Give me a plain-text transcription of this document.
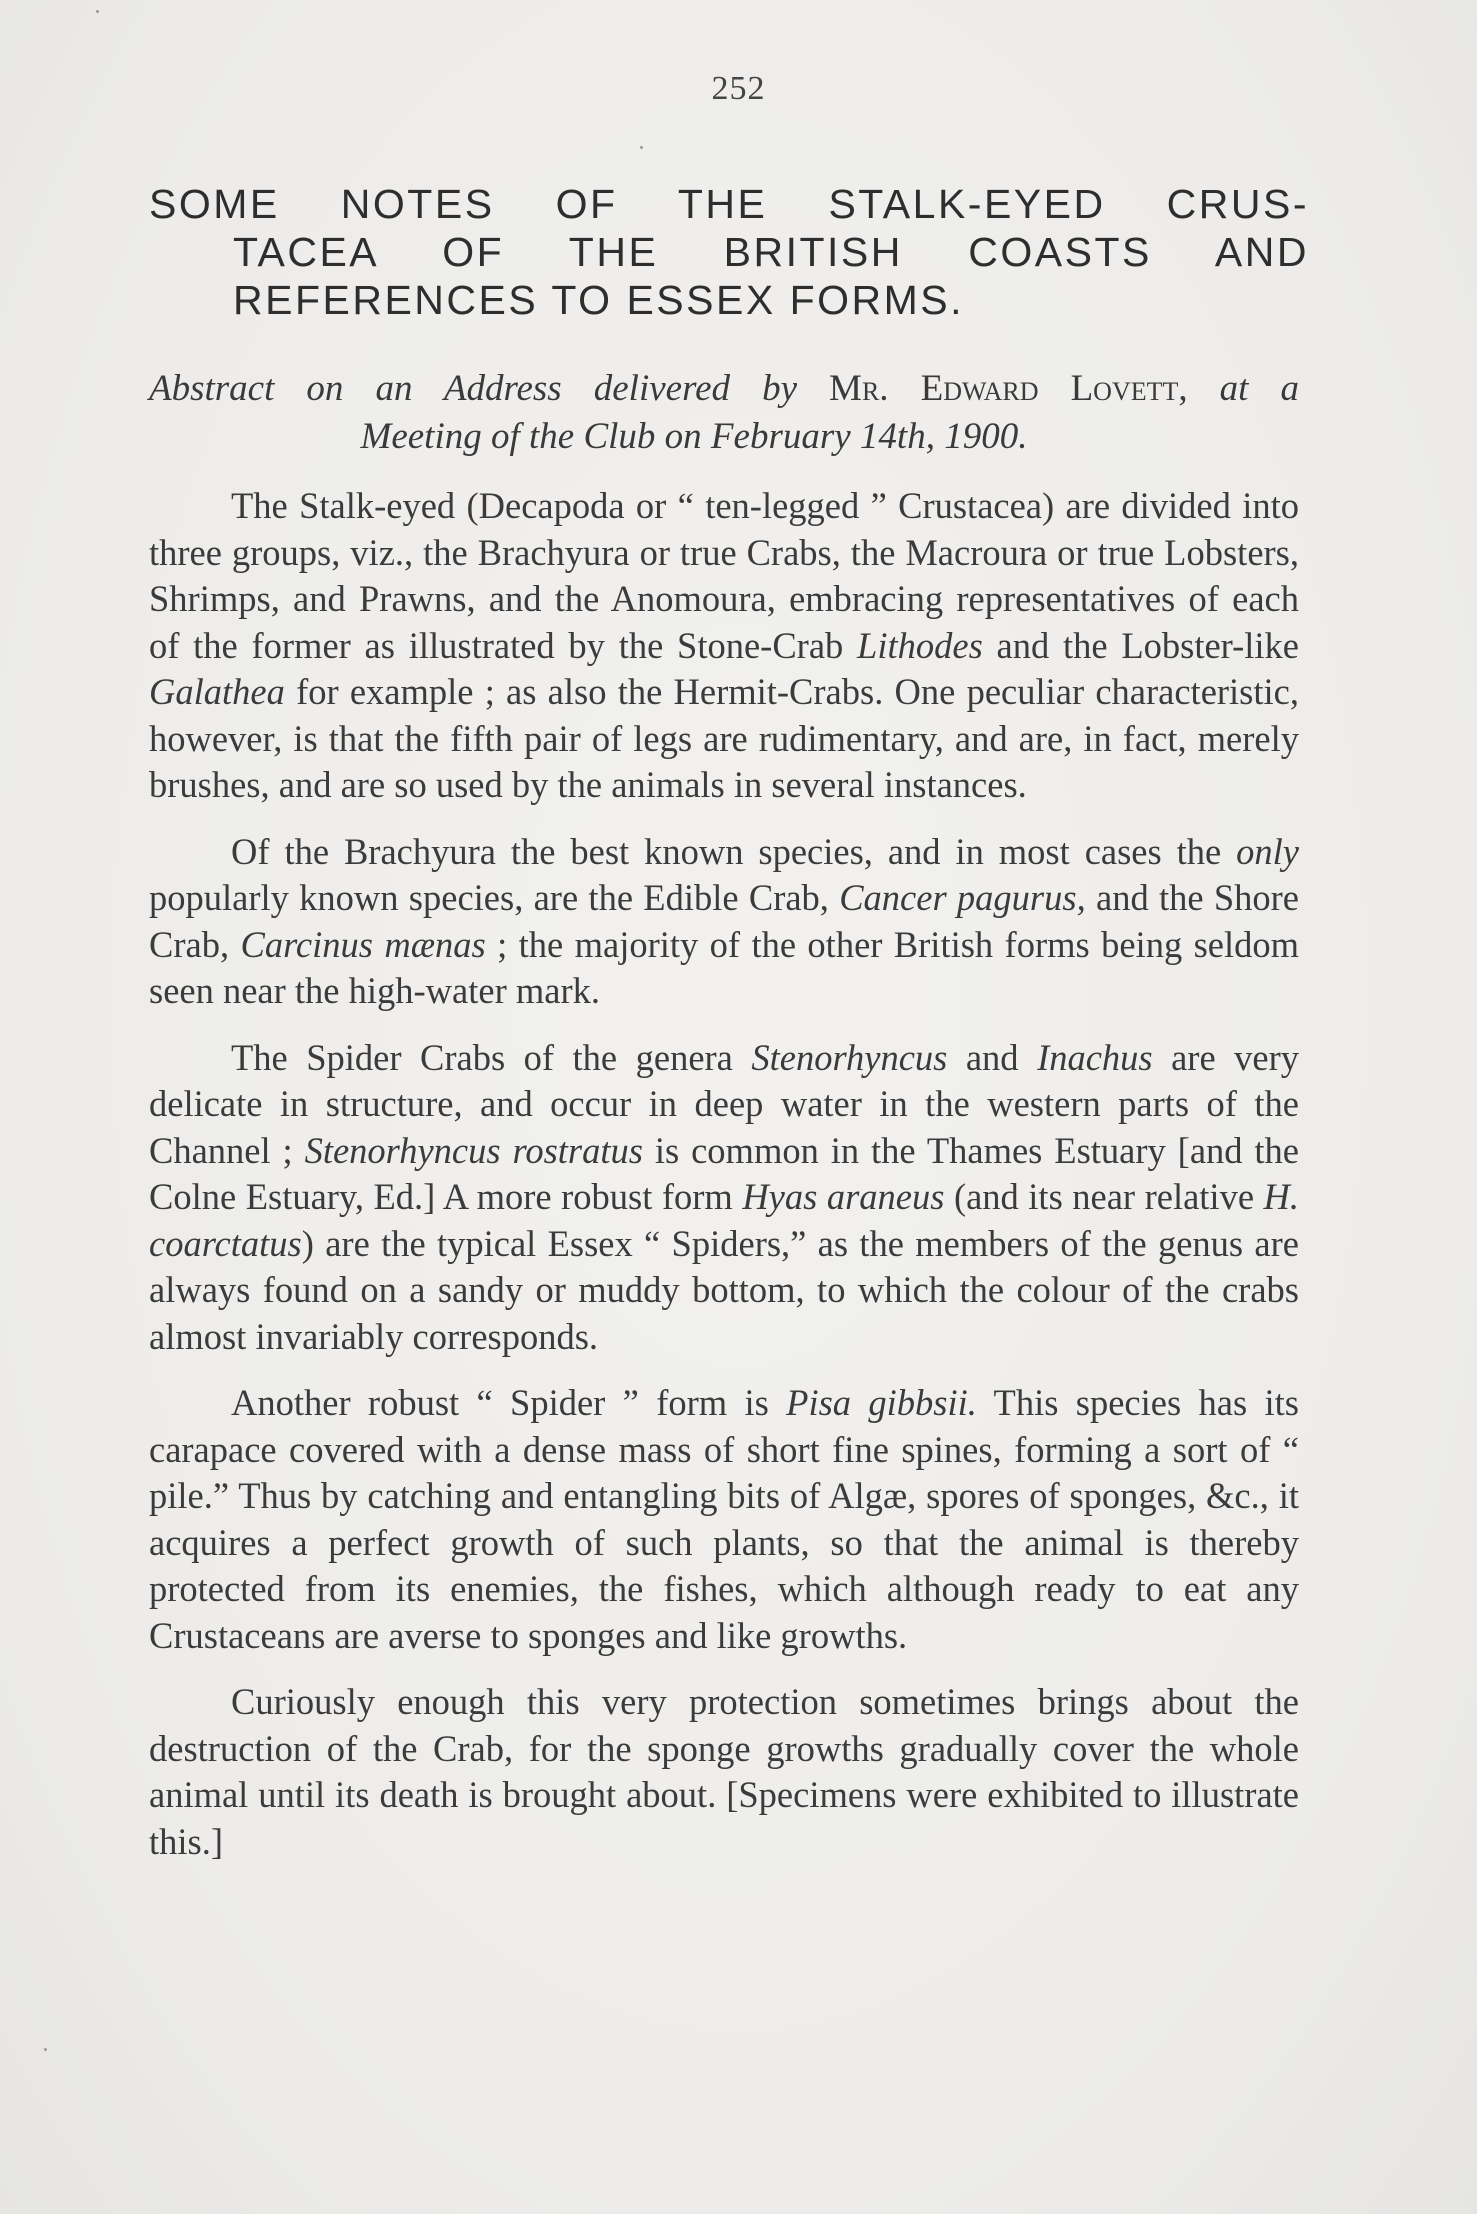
252
SOME NOTES OF THE STALK-EYED CRUS-
TACEA OF THE BRITISH COASTS AND
REFERENCES TO ESSEX FORMS.
Abstract on an Address delivered by Mr. Edward Lovett, at a
Meeting of the Club on February 14th, 1900.

The Stalk-eyed (Decapoda or “ ten-legged ” Crustacea) are divided into three groups, viz., the Brachyura or true Crabs, the Macroura or true Lobsters, Shrimps, and Prawns, and the Anomoura, embracing representatives of each of the former as illustrated by the Stone-Crab Lithodes and the Lobster-like Galathea for example ; as also the Hermit-Crabs. One peculiar characteristic, however, is that the fifth pair of legs are rudimentary, and are, in fact, merely brushes, and are so used by the animals in several instances.

Of the Brachyura the best known species, and in most cases the only popularly known species, are the Edible Crab, Cancer pagurus, and the Shore Crab, Carcinus mænas ; the majority of the other British forms being seldom seen near the high-water mark.

The Spider Crabs of the genera Stenorhyncus and Inachus are very delicate in structure, and occur in deep water in the western parts of the Channel ; Stenorhyncus rostratus is common in the Thames Estuary [and the Colne Estuary, Ed.] A more robust form Hyas araneus (and its near relative H. coarctatus) are the typical Essex “ Spiders,” as the members of the genus are always found on a sandy or muddy bottom, to which the colour of the crabs almost invariably corresponds.

Another robust “ Spider ” form is Pisa gibbsii. This species has its carapace covered with a dense mass of short fine spines, forming a sort of “ pile.” Thus by catching and entangling bits of Algæ, spores of sponges, &c., it acquires a perfect growth of such plants, so that the animal is thereby protected from its enemies, the fishes, which although ready to eat any Crustaceans are averse to sponges and like growths.

Curiously enough this very protection sometimes brings about the destruction of the Crab, for the sponge growths gradually cover the whole animal until its death is brought about. [Specimens were exhibited to illustrate this.]
